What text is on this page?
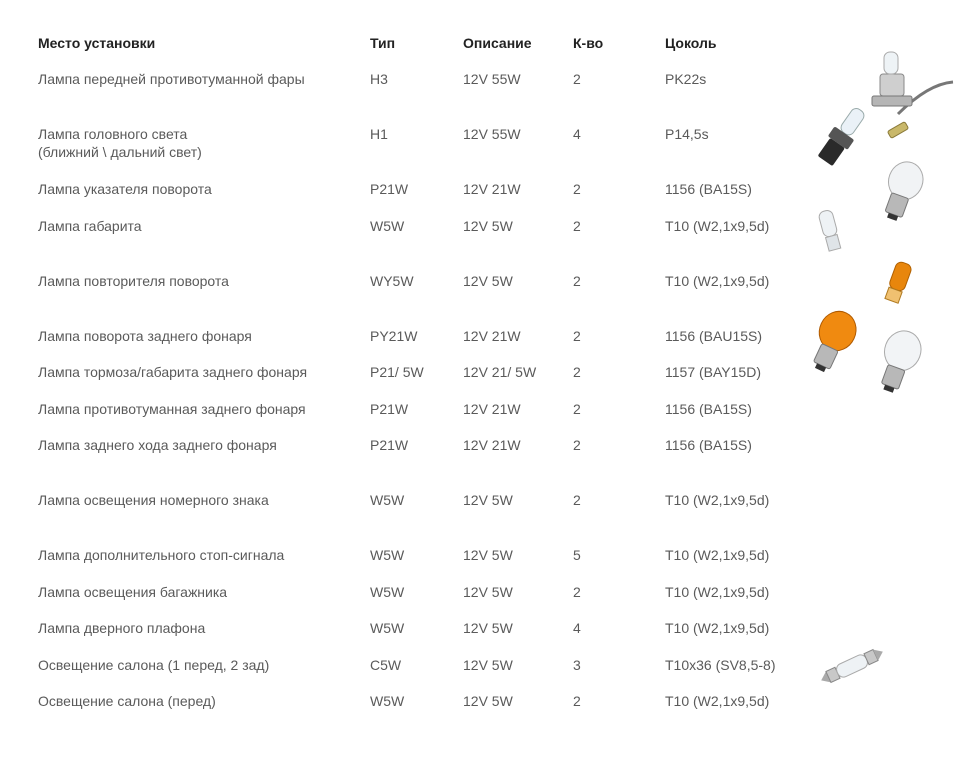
Место установки	Тип	Описание	К-во	Цоколь
Лампа передней противотуманной фары	H3	12V 55W	2	PK22s
Лампа головного света
(ближний \ дальний свет)
H1	12V 55W	4	P14,5s
Лампа указателя поворота	P21W	12V 21W	2	1156 (BA15S)
Лампа габарита	W5W	12V 5W	2	T10 (W2,1x9,5d)
Лампа повторителя поворота	WY5W	12V 5W	2	T10 (W2,1x9,5d)
Лампа поворота заднего фонаря	PY21W	12V 21W	2	1156 (BAU15S)
Лампа тормоза/габарита заднего фонаря	P21/ 5W	12V 21/ 5W	2	1157 (BAY15D)
Лампа противотуманная заднего фонаря	P21W	12V 21W	2	1156 (BA15S)
Лампа заднего хода заднего фонаря	P21W	12V 21W	2	1156 (BA15S)
Лампа освещения номерного знака	W5W	12V 5W	2	T10 (W2,1x9,5d)
Лампа дополнительного стоп-сигнала	W5W	12V 5W	5	T10 (W2,1x9,5d)
Лампа освещения багажника	W5W	12V 5W	2	T10 (W2,1x9,5d)
Лампа дверного плафона	W5W	12V 5W	4	T10 (W2,1x9,5d)
Освещение салона (1 перед, 2 зад)	C5W	12V 5W	3	T10x36 (SV8,5-8)
Освещение салона (перед)	W5W	12V 5W	2	T10 (W2,1x9,5d)
